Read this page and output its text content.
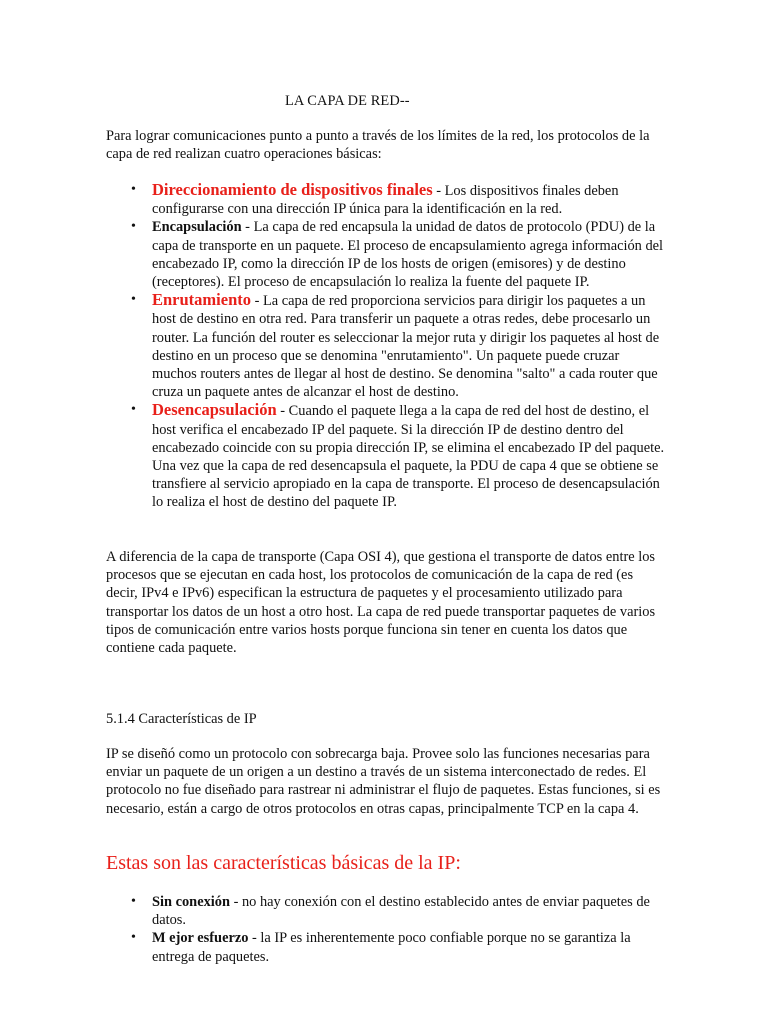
LA CAPA DE RED--

Para lograr comunicaciones punto a punto a través de los límites de la red, los protocolos de la capa de red realizan cuatro operaciones básicas:

• Direccionamiento de dispositivos finales - Los dispositivos finales deben configurarse con una dirección IP única para la identificación en la red.
• Encapsulación - La capa de red encapsula la unidad de datos de protocolo (PDU) de la capa de transporte en un paquete. El proceso de encapsulamiento agrega información del encabezado IP, como la dirección IP de los hosts de origen (emisores) y de destino (receptores). El proceso de encapsulación lo realiza la fuente del paquete IP.
• Enrutamiento - La capa de red proporciona servicios para dirigir los paquetes a un host de destino en otra red. Para transferir un paquete a otras redes, debe procesarlo un router. La función del router es seleccionar la mejor ruta y dirigir los paquetes al host de destino en un proceso que se denomina "enrutamiento". Un paquete puede cruzar muchos routers antes de llegar al host de destino. Se denomina "salto" a cada router que cruza un paquete antes de alcanzar el host de destino.
• Desencapsulación - Cuando el paquete llega a la capa de red del host de destino, el host verifica el encabezado IP del paquete. Si la dirección IP de destino dentro del encabezado coincide con su propia dirección IP, se elimina el encabezado IP del paquete. Una vez que la capa de red desencapsula el paquete, la PDU de capa 4 que se obtiene se transfiere al servicio apropiado en la capa de transporte. El proceso de desencapsulación lo realiza el host de destino del paquete IP.

A diferencia de la capa de transporte (Capa OSI 4), que gestiona el transporte de datos entre los procesos que se ejecutan en cada host, los protocolos de comunicación de la capa de red (es decir, IPv4 e IPv6) especifican la estructura de paquetes y el procesamiento utilizado para transportar los datos de un host a otro host. La capa de red puede transportar paquetes de varios tipos de comunicación entre varios hosts porque funciona sin tener en cuenta los datos que contiene cada paquete.

5.1.4 Características de IP

IP se diseñó como un protocolo con sobrecarga baja. Provee solo las funciones necesarias para enviar un paquete de un origen a un destino a través de un sistema interconectado de redes. El protocolo no fue diseñado para rastrear ni administrar el flujo de paquetes. Estas funciones, si es necesario, están a cargo de otros protocolos en otras capas, principalmente TCP en la capa 4.

Estas son las características básicas de la IP:
• Sin conexión - no hay conexión con el destino establecido antes de enviar paquetes de datos.
• M ejor esfuerzo - la IP es inherentemente poco confiable porque no se garantiza la entrega de paquetes.
